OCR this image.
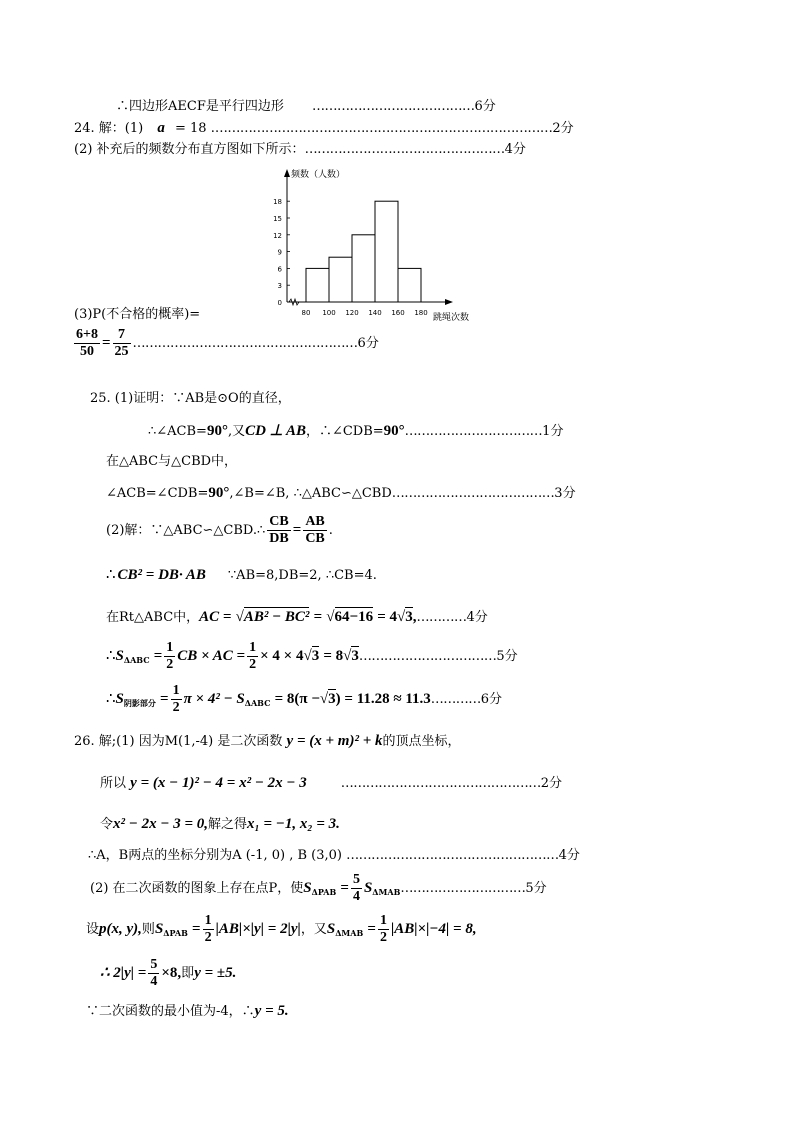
∴四边形AECF是平行四边形 …………………………………6分
24. 解：(1) a = 18 .………………………………………………………………………2分
(2) 补充后的频数分布直方图如下所示：…………………………………………4分
0
3
6
9
12
15
18
80 100 120 140 160 180
频数（人数）
跳绳次数
(3)P(不合格的概率)=
$\frac{6+8}{50} = \frac{7}{25}$ ………………………………………………6分
25. (1)证明：∵AB是⊙O的直径，
∴∠ACB=90°,又CD ⊥ AB，∴∠CDB=90°……………………………1分
在△ABC与△CBD中，
∠ACB=∠CDB=90°,∠B=∠B, ∴△ABC∽△CBD…………………………………3分
(2)解：∵△ABC∽△CBD.∴ $\frac{CB}{DB} = \frac{AB}{CB}$ .
∴ CB² = DB· AB ∵AB=8,DB=2, ∴CB=4.
在Rt△ABC中，AC = √AB² − BC² = √64−16 = 4√3,…………4分
$\therefore S_{\Delta ABC} = \frac{1}{2}$ CB × AC = $\frac{1}{2} \times 4 \times 4√3$ = 8√3……………………………5分
$\therefore S_{阴影部分} = \frac{1}{2}$ $\pi \times 4^2 - S_{\Delta ABC} = 8(\pi -√3) = 11.28$ ≈ 11.3…………6分
26. 解;(1) 因为M(1,-4) 是二次函数 y = (x + m)² + k的顶点坐标，
所以 y = (x − 1)² − 4 = x² − 2x − 3	…………………………………………2分
令x² − 2x − 3 = 0,解之得x₁ = −1, x₂ = 3.
∴A，B两点的坐标分别为A (-1, 0) , B (3,0) ……………………………………………4分
(2) 在二次函数的图象上存在点P，使$S_{\Delta PAB} = \frac{5}{4}$ $S_{\Delta MAB}\dots\dots\dots\dots\dots\dots\dots\dots\dots\dots 5$分
设p(x, y),则$S_{\Delta PAB} = \frac{1}{2} |AB|\times|y| = 2|y|$，又$S_{\Delta MAB} = \frac{1}{2} |AB|\times|-4| = 8$,
∴ $2|y| = \frac{5}{4} \times 8$,即y = ±5.
∵二次函数的最小值为-4，∴y = 5.
